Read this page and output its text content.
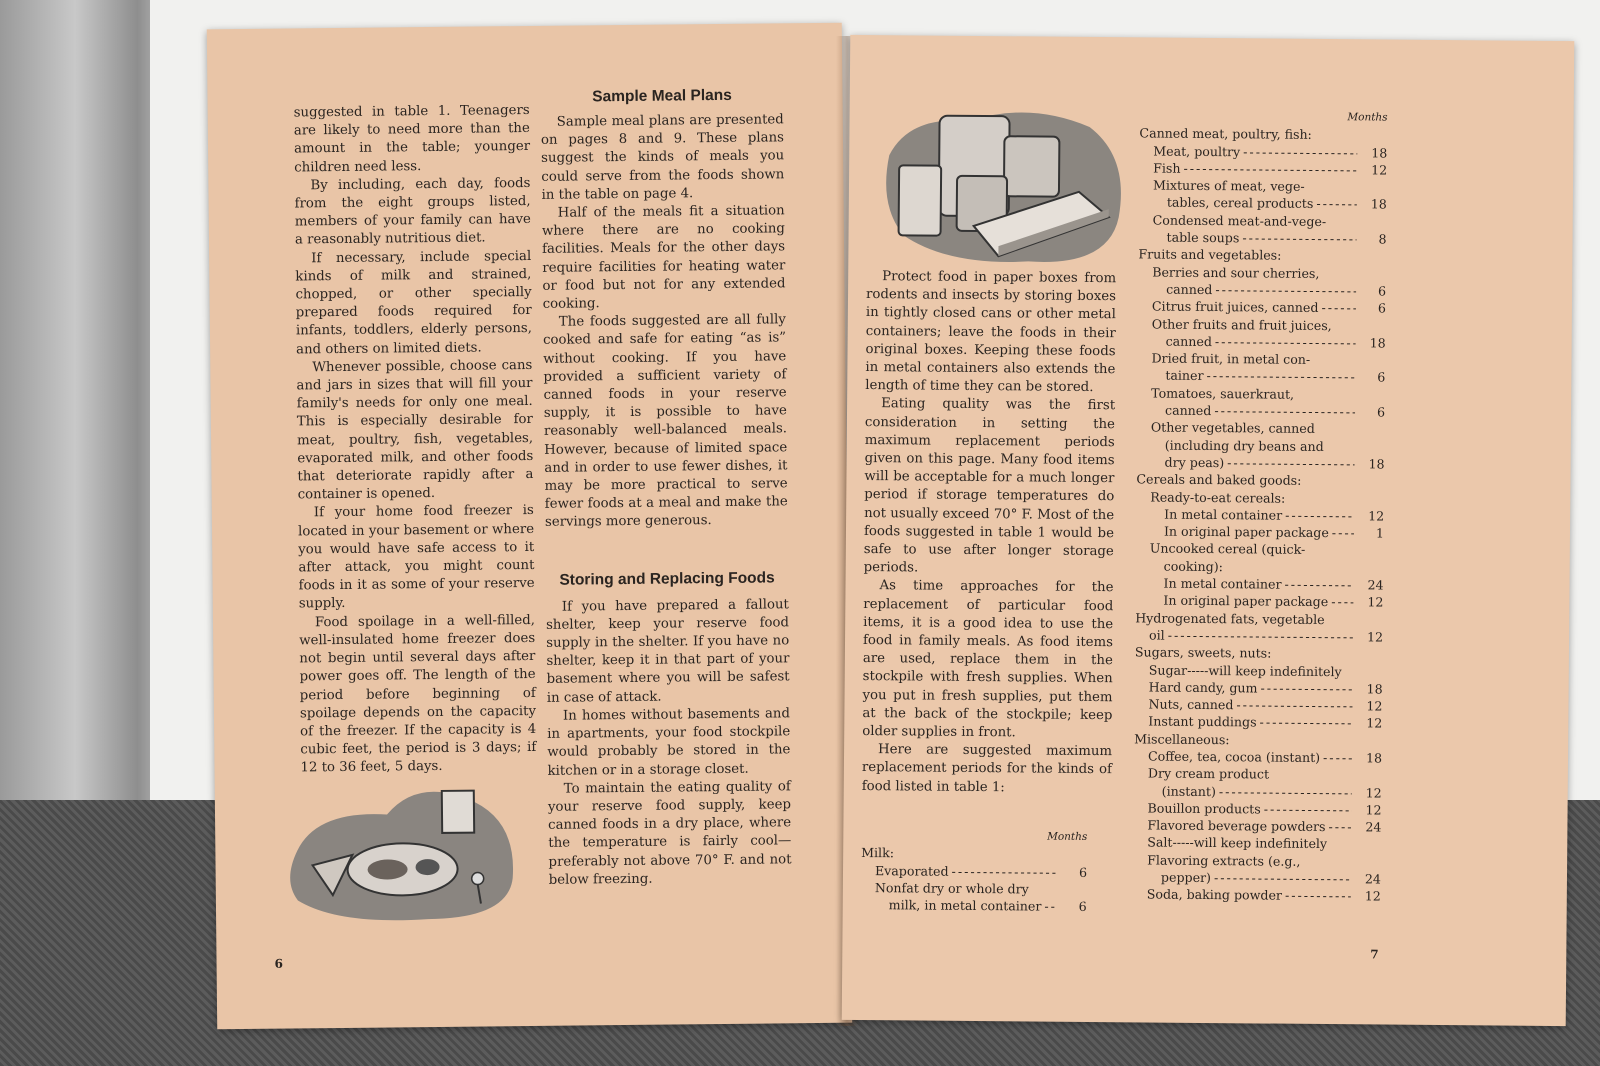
suggested in table 1. Teenagers are likely to need more than the amount in the table; younger children need less.

By including, each day, foods from the eight groups listed, members of your family can have a reasonably nutritious diet.

If necessary, include special kinds of milk and strained, chopped, or other specially prepared foods required for infants, toddlers, elderly persons, and others on limited diets.

Whenever possible, choose cans and jars in sizes that will fill your family's needs for only one meal. This is especially desirable for meat, poultry, fish, vegetables, evaporated milk, and other foods that deteriorate rapidly after a container is opened.

If your home food freezer is located in your basement or where you would have safe access to it after attack, you might count foods in it as some of your reserve supply.

Food spoilage in a well-filled, well-insulated home freezer does not begin until several days after power goes off. The length of the period before beginning of spoilage depends on the capacity of the freezer. If the capacity is 4 cubic feet, the period is 3 days; if 12 to 36 feet, 5 days.

Sample Meal Plans

Sample meal plans are presented on pages 8 and 9. These plans suggest the kinds of meals you could serve from the foods shown in the table on page 4.

Half of the meals fit a situation where there are no cooking facilities. Meals for the other days require facilities for heating water or food but not for any extended cooking.

The foods suggested are all fully cooked and safe for eating “as is” without cooking. If you have provided a sufficient variety of canned foods in your reserve supply, it is possible to have reasonably well-balanced meals. However, because of limited space and in order to use fewer dishes, it may be more practical to serve fewer foods at a meal and make the servings more generous.

Storing and Replacing Foods

If you have prepared a fallout shelter, keep your reserve food supply in the shelter. If you have no shelter, keep it in that part of your basement where you will be safest in case of attack.

In homes without basements and in apartments, your food stockpile would probably be stored in the kitchen or in a storage closet.

To maintain the eating quality of your reserve food supply, keep canned foods in a dry place, where the temperature is fairly cool—preferably not above 70° F. and not below freezing.

6

Protect food in paper boxes from rodents and insects by storing boxes in tightly closed cans or other metal containers; leave the foods in their original boxes. Keeping these foods in metal containers also extends the length of time they can be stored.

Eating quality was the first consideration in setting the maximum replacement periods given on this page. Many food items will be acceptable for a much longer period if storage temperatures do not usually exceed 70° F. Most of the foods suggested in table 1 would be safe to use after longer storage periods.

As time approaches for the replacement of particular food items, it is a good idea to use the food in family meals. As food items are used, replace them in the stockpile with fresh supplies. When you put in fresh supplies, put them at the back of the stockpile; keep older supplies in front.

Here are suggested maximum replacement periods for the kinds of food listed in table 1:

Months
Milk:
Evaporated - - -	6
Nonfat dry or whole dry
milk, in metal container - - -	6
Months
Canned meat, poultry, fish:
Meat, poultry - - -	18
Fish - - -	12
Mixtures of meat, vege-
tables, cereal products - - -	18
Condensed meat-and-vege-
table soups - - -	8
Fruits and vegetables:
Berries and sour cherries,
canned - - -	6
Citrus fruit juices, canned - - -	6
Other fruits and fruit juices,
canned - - -	18
Dried fruit, in metal con-
tainer - - -	6
Tomatoes, sauerkraut,
canned - - -	6
Other vegetables, canned
(including dry beans and
dry peas) - - -	18
Cereals and baked goods:
Ready-to-eat cereals:
In metal container - - -	12
In original paper package - - -	1
Uncooked cereal (quick-
cooking):
In metal container - - -	24
In original paper package - - -	12
Hydrogenated fats, vegetable
oil - - -	12
Sugars, sweets, nuts:
Sugar-----will keep indefinitely
Hard candy, gum - - -	18
Nuts, canned - - -	12
Instant puddings - - -	12
Miscellaneous:
Coffee, tea, cocoa (instant) - - -	18
Dry cream product
(instant) - - -	12
Bouillon products - - -	12
Flavored beverage powders - - -	24
Salt-----will keep indefinitely
Flavoring extracts (e.g.,
pepper) - - -	24
Soda, baking powder - - -	12
7
